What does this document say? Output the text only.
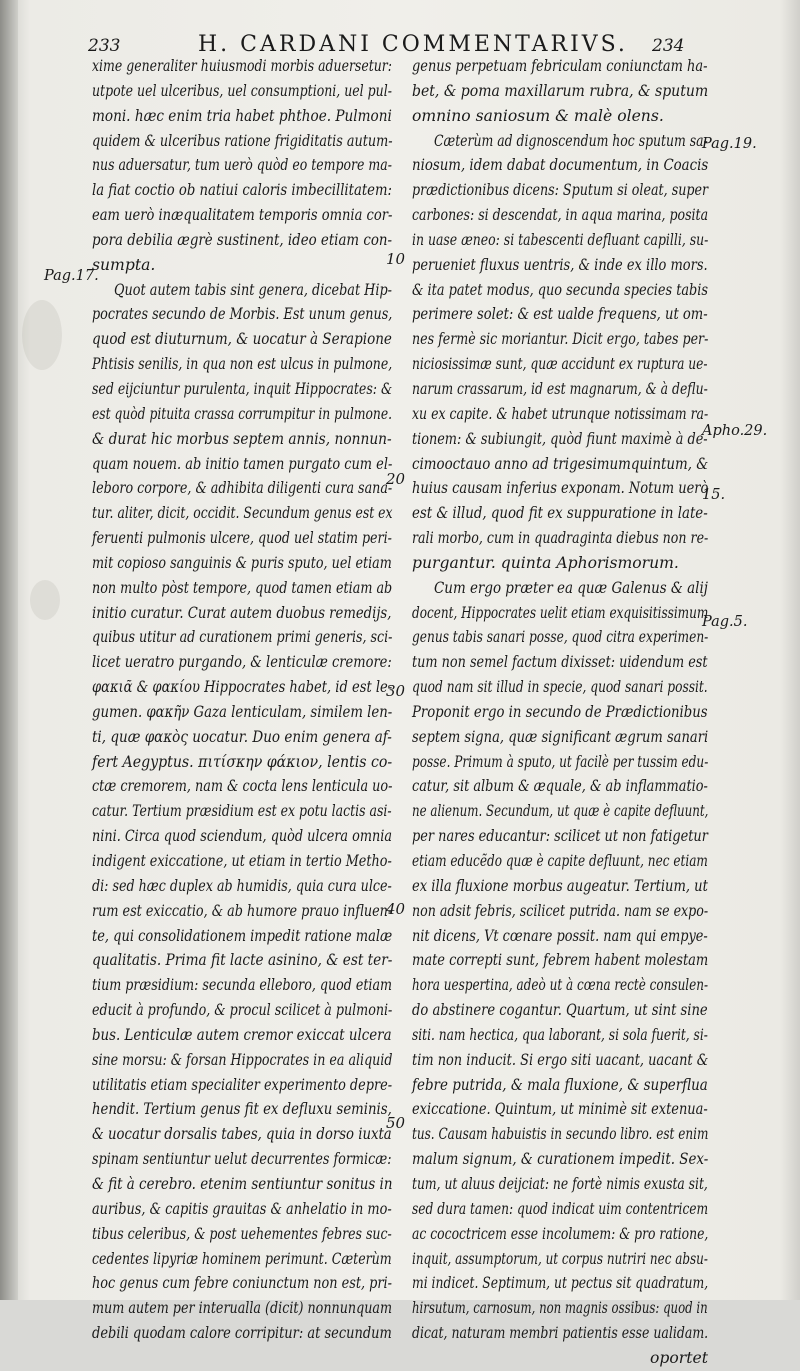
233	H. CARDANI COMMENTARIVS. 234
xime generaliter huiusmodi morbis aduersetur:
utpote uel ulceribus, uel consumptioni, uel pul-
moni. hæc enim tria habet phthoe. Pulmoni
quidem & ulceribus ratione frigiditatis autum-
nus aduersatur, tum uerò quòd eo tempore ma-
la fiat coctio ob natiui caloris imbecillitatem:
eam uerò inæqualitatem temporis omnia cor-
pora debilia ægrè sustinent, ideo etiam con-
sumpta.
Quot autem tabis sint genera, dicebat Hip-
pocrates secundo de Morbis. Est unum genus,
quod est diuturnum, & uocatur à Serapione
Phtisis senilis, in qua non est ulcus in pulmone,
sed eijciuntur purulenta, inquit Hippocrates: &
est quòd pituita crassa corrumpitur in pulmone.
& durat hic morbus septem annis, nonnun-
quam nouem. ab initio tamen purgato cum el-
leboro corpore, & adhibita diligenti cura sana-
tur. aliter, dicit, occidit. Secundum genus est ex
feruenti pulmonis ulcere, quod uel statim peri-
mit copioso sanguinis & puris sputo, uel etiam
non multo pòst tempore, quod tamen etiam ab
initio curatur. Curat autem duobus remedijs,
quibus utitur ad curationem primi generis, sci-
licet ueratro purgando, & lenticulæ cremore:
φακιᾶ & φακίου Hippocrates habet, id est le-
gumen. φακῆν Gaza lenticulam, similem len-
ti, quæ φακὸς uocatur. Duo enim genera af-
fert Aegyptus. πιτίσκην φάκιον, lentis co-
ctæ cremorem, nam & cocta lens lenticula uo-
catur. Tertium præsidium est ex potu lactis asi-
nini. Circa quod sciendum, quòd ulcera omnia
indigent exiccatione, ut etiam in tertio Metho-
di: sed hæc duplex ab humidis, quia cura ulce-
rum est exiccatio, & ab humore prauo influen-
te, qui consolidationem impedit ratione malæ
qualitatis. Prima fit lacte asinino, & est ter-
tium præsidium: secunda elleboro, quod etiam
educit à profundo, & procul scilicet à pulmoni-
bus. Lenticulæ autem cremor exiccat ulcera
sine morsu: & forsan Hippocrates in ea aliquid
utilitatis etiam specialiter experimento depre-
hendit. Tertium genus fit ex defluxu seminis,
& uocatur dorsalis tabes, quia in dorso iuxta
spinam sentiuntur uelut decurrentes formicæ:
& fit à cerebro. etenim sentiuntur sonitus in
auribus, & capitis grauitas & anhelatio in mo-
tibus celeribus, & post uehementes febres suc-
cedentes lipyriæ hominem perimunt. Cæterùm
hoc genus cum febre coniunctum non est, pri-
mum autem per interualla (dicit) nonnunquam
debili quodam calore corripitur: at secundum
genus perpetuam febriculam coniunctam ha-
bet, & poma maxillarum rubra, & sputum
omnino saniosum & malè olens.
Cæterùm ad dignoscendum hoc sputum sa-
niosum, idem dabat documentum, in Coacis
prædictionibus dicens: Sputum si oleat, super
carbones: si descendat, in aqua marina, posita
in uase æneo: si tabescenti defluant capilli, su-
perueniet fluxus uentris, & inde ex illo mors.
& ita patet modus, quo secunda species tabis
perimere solet: & est ualde frequens, ut om-
nes fermè sic moriantur. Dicit ergo, tabes per-
niciosissimæ sunt, quæ accidunt ex ruptura ue-
narum crassarum, id est magnarum, & à deflu-
xu ex capite. & habet utrunque notissimam ra-
tionem: & subiungit, quòd fiunt maximè à de-
cimooctauo anno ad trigesimumquintum, &
huius causam inferius exponam. Notum uerò
est & illud, quod fit ex suppuratione in late-
rali morbo, cum in quadraginta diebus non re-
purgantur. quinta Aphorismorum.
Cum ergo præter ea quæ Galenus & alij
docent, Hippocrates uelit etiam exquisitissimum
genus tabis sanari posse, quod citra experimen-
tum non semel factum dixisset: uidendum est
quod nam sit illud in specie, quod sanari possit.
Proponit ergo in secundo de Prædictionibus
septem signa, quæ significant ægrum sanari
posse. Primum à sputo, ut facilè per tussim edu-
catur, sit album & æquale, & ab inflammatio-
ne alienum. Secundum, ut quæ è capite defluunt,
per nares educantur: scilicet ut non fatigetur
etiam educẽdo quæ è capite defluunt, nec etiam
ex illa fluxione morbus augeatur. Tertium, ut
non adsit febris, scilicet putrida. nam se expo-
nit dicens, Vt cœnare possit. nam qui empye-
mate correpti sunt, febrem habent molestam
hora uespertina, adeò ut à cœna rectè consulen-
do abstinere cogantur. Quartum, ut sint sine
siti. nam hectica, qua laborant, si sola fuerit, si-
tim non inducit. Si ergo siti uacant, uacant &
febre putrida, & mala fluxione, & superflua
exiccatione. Quintum, ut minimè sit extenua-
tus. Causam habuistis in secundo libro. est enim
malum signum, & curationem impedit. Sex-
tum, ut aluus deijciat: ne fortè nimis exusta sit,
sed dura tamen: quod indicat uim contentricem
ac cococtricem esse incolumem: & pro ratione,
inquit, assumptorum, ut corpus nutriri nec absu-
mi indicet. Septimum, ut pectus sit quadratum,
hirsutum, carnosum, non magnis ossibus: quod in
dicat, naturam membri patientis esse ualidam.
oportet
Pag.17.
Pag.19.
Apho.29.
15.
Pag.5.
10
20
30
40
50
